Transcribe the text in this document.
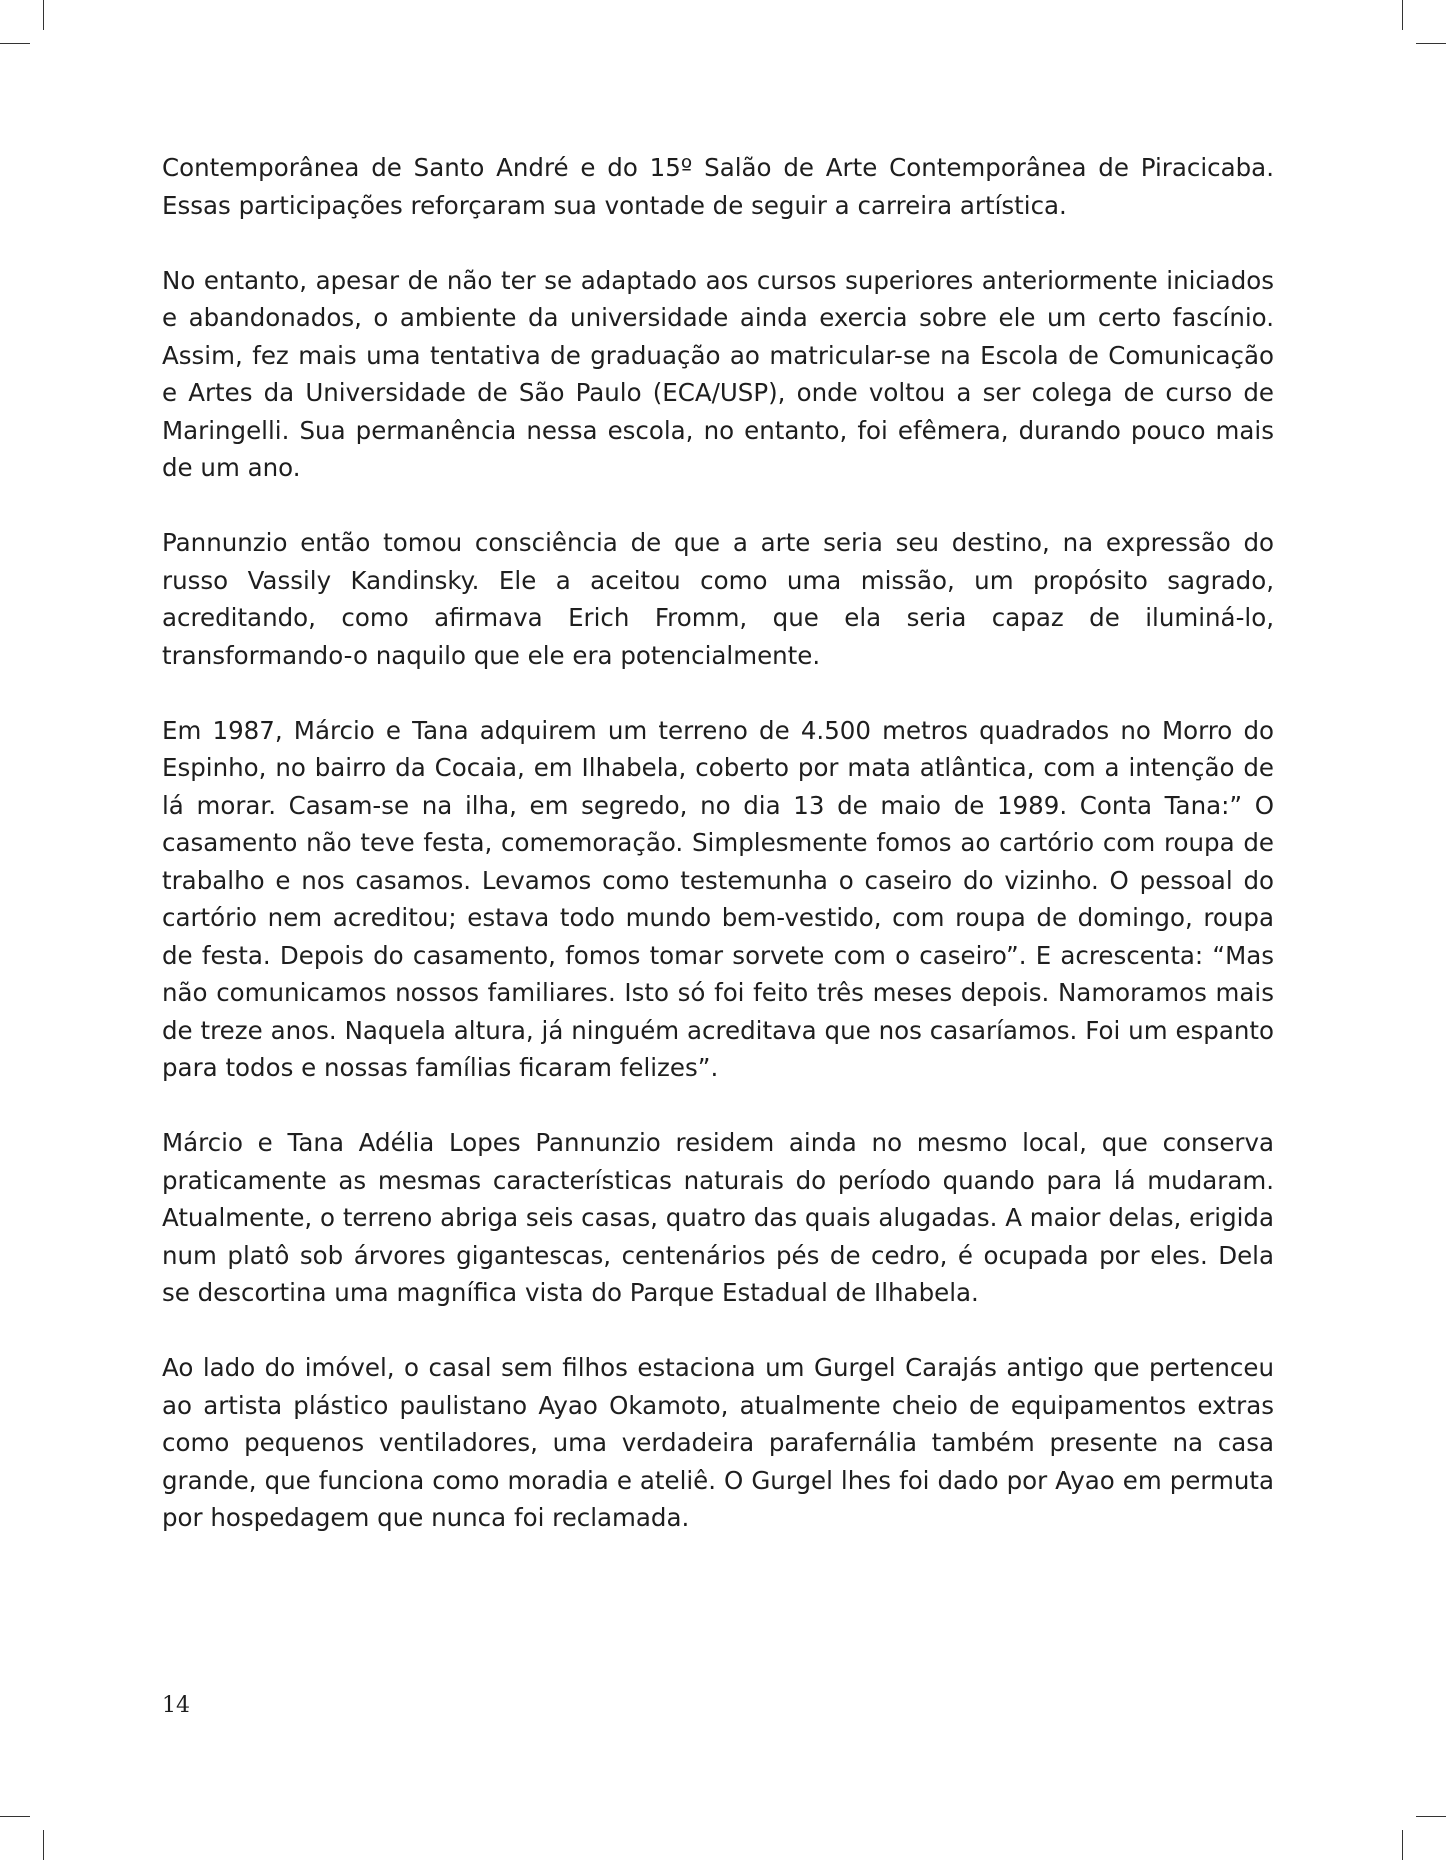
Contemporânea de Santo André e do 15º Salão de Arte Contemporânea de Piracicaba. Essas participações reforçaram sua vontade de seguir a carreira artística.

No entanto, apesar de não ter se adaptado aos cursos superiores anteriormente iniciados e abandonados, o ambiente da universidade ainda exercia sobre ele um certo fascínio. Assim, fez mais uma tentativa de graduação ao matricular-se na Escola de Comunicação e Artes da Universidade de São Paulo (ECA/USP), onde voltou a ser colega de curso de Maringelli. Sua permanência nessa escola, no entanto, foi efêmera, durando pouco mais de um ano.

Pannunzio então tomou consciência de que a arte seria seu destino, na expressão do russo Vassily Kandinsky. Ele a aceitou como uma missão, um propósito sagrado, acreditando, como afirmava Erich Fromm, que ela seria capaz de iluminá-lo, transformando-o naquilo que ele era potencialmente.

Em 1987, Márcio e Tana adquirem um terreno de 4.500 metros quadrados no Morro do Espinho, no bairro da Cocaia, em Ilhabela, coberto por mata atlântica, com a intenção de lá morar. Casam-se na ilha, em segredo, no dia 13 de maio de 1989. Conta Tana:” O casamento não teve festa, comemoração. Simplesmente fomos ao cartório com roupa de trabalho e nos casamos. Levamos como testemunha o caseiro do vizinho. O pessoal do cartório nem acreditou; estava todo mundo bem-vestido, com roupa de domingo, roupa de festa. Depois do casamento, fomos tomar sorvete com o caseiro”. E acrescenta: “Mas não comunicamos nossos familiares. Isto só foi feito três meses depois. Namoramos mais de treze anos. Naquela altura, já ninguém acreditava que nos casaríamos. Foi um espanto para todos e nossas famílias ficaram felizes”.

Márcio e Tana Adélia Lopes Pannunzio residem ainda no mesmo local, que conserva praticamente as mesmas características naturais do período quando para lá mudaram. Atualmente, o terreno abriga seis casas, quatro das quais alugadas. A maior delas, erigida num platô sob árvores gigantescas, centenários pés de cedro, é ocupada por eles. Dela se descortina uma magnífica vista do Parque Estadual de Ilhabela.

Ao lado do imóvel, o casal sem filhos estaciona um Gurgel Carajás antigo que pertenceu ao artista plástico paulistano Ayao Okamoto, atualmente cheio de equipamentos extras como pequenos ventiladores, uma verdadeira parafernália também presente na casa grande, que funciona como moradia e ateliê. O Gurgel lhes foi dado por Ayao em permuta por hospedagem que nunca foi reclamada.

14
